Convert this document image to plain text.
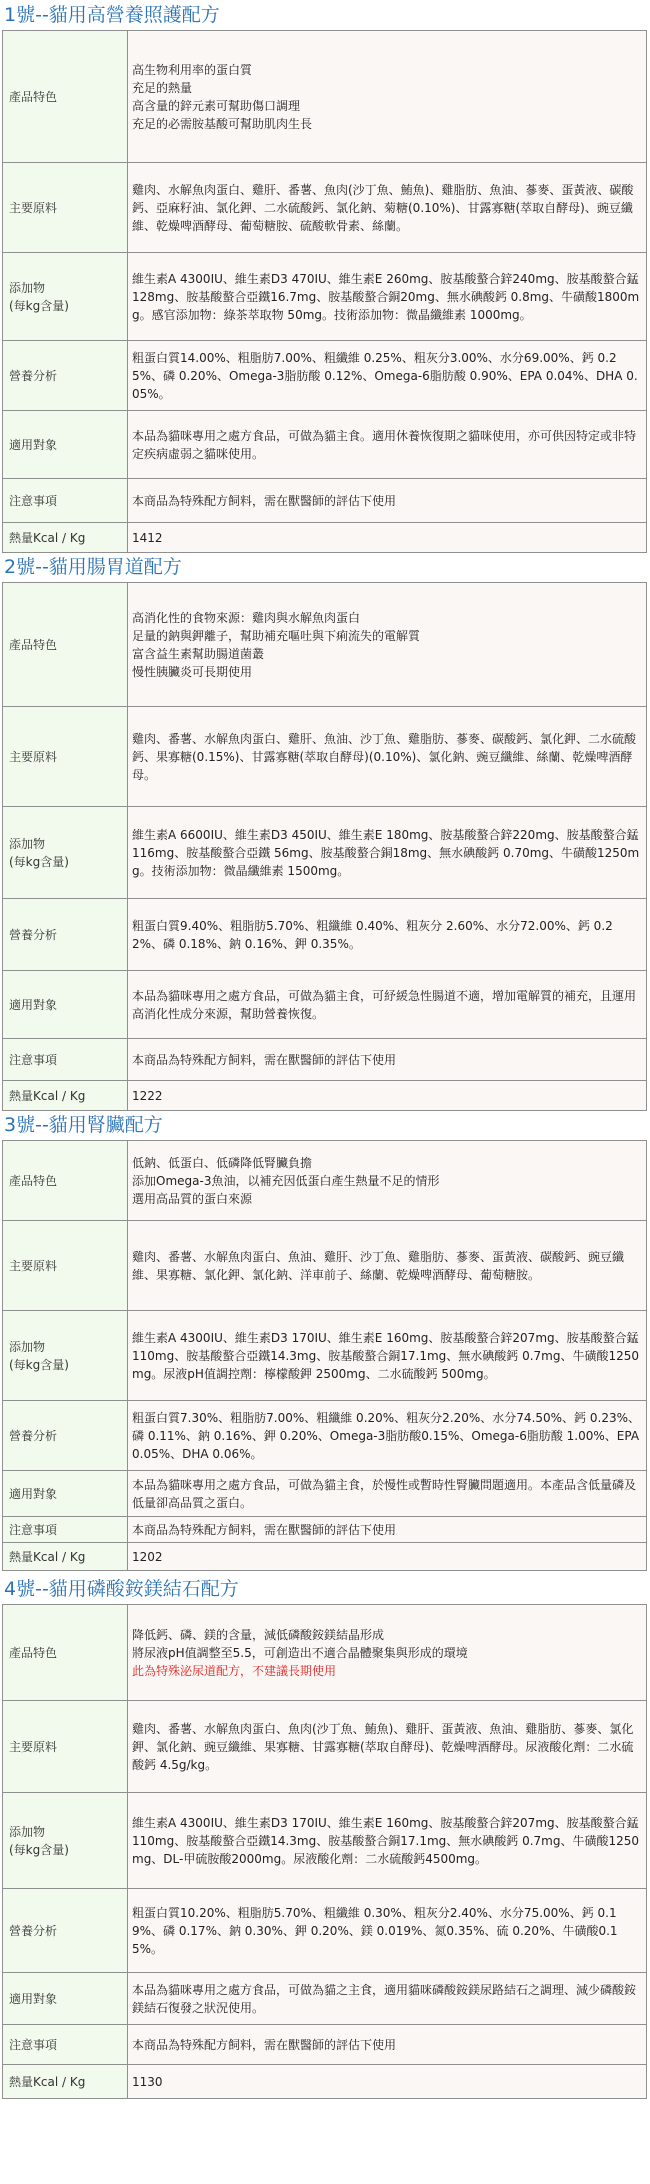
1號--貓用高營養照護配方
產品特色	高生物利用率的蛋白質
充足的熱量
高含量的鋅元素可幫助傷口調理
充足的必需胺基酸可幫助肌肉生長

主要原料	雞肉、水解魚肉蛋白、雞肝、番薯、魚肉(沙丁魚、鮪魚)、雞脂肪、魚油、蔘麥、蛋黃液、碳酸鈣、亞麻籽油、氯化鉀、二水硫酸鈣、氯化鈉、菊糖(0.10%)、甘露寡糖(萃取自酵母)、豌豆纖維、乾燥啤酒酵母、葡萄糖胺、硫酸軟骨素、絲蘭。

添加物
(每kg含量)	維生素A 4300IU、維生素D3 470IU、維生素E 260mg、胺基酸螯合鋅240mg、胺基酸螯合錳 128mg、胺基酸螯合亞鐵16.7mg、胺基酸螯合銅20mg、無水碘酸鈣 0.8mg、牛磺酸1800mg。感官添加物：綠茶萃取物 50mg。技術添加物：微晶纖維素 1000mg。
營養分析	粗蛋白質14.00%、粗脂肪7.00%、粗纖維 0.25%、粗灰分3.00%、水分69.00%、鈣 0.25%、磷 0.20%、Omega-3脂肪酸 0.12%、Omega-6脂肪酸 0.90%、EPA 0.04%、DHA 0.05%。
適用對象	本品為貓咪專用之處方食品，可做為貓主食。適用休養恢復期之貓咪使用，亦可供因特定或非特定疾病虛弱之貓咪使用。
注意事項	本商品為特殊配方飼料，需在獸醫師的評估下使用
熱量Kcal / Kg	1412
2號--貓用腸胃道配方
產品特色	高消化性的食物來源：雞肉與水解魚肉蛋白
足量的鈉與鉀離子，幫助補充嘔吐與下痢流失的電解質
富含益生素幫助腸道菌叢
慢性胰臟炎可長期使用

主要原料	雞肉、番薯、水解魚肉蛋白、雞肝、魚油、沙丁魚、雞脂肪、蔘麥、碳酸鈣、氯化鉀、二水硫酸鈣、果寡糖(0.15%)、甘露寡糖(萃取自酵母)(0.10%)、氯化鈉、豌豆纖維、絲蘭、乾燥啤酒酵母。

添加物
(每kg含量)	維生素A 6600IU、維生素D3 450IU、維生素E 180mg、胺基酸螯合鋅220mg、胺基酸螯合錳 116mg、胺基酸螯合亞鐵 56mg、胺基酸螯合銅18mg、無水碘酸鈣 0.70mg、牛磺酸1250mg。技術添加物：微晶纖維素 1500mg。
營養分析	粗蛋白質9.40%、粗脂肪5.70%、粗纖維 0.40%、粗灰分 2.60%、水分72.00%、鈣 0.22%、磷 0.18%、鈉 0.16%、鉀 0.35%。
適用對象	本品為貓咪專用之處方食品，可做為貓主食，可紓緩急性腸道不適，增加電解質的補充，且運用高消化性成分來源，幫助營養恢復。
注意事項	本商品為特殊配方飼料，需在獸醫師的評估下使用
熱量Kcal / Kg	1222
3號--貓用腎臟配方
產品特色	低鈉、低蛋白、低磷降低腎臟負擔
添加Omega-3魚油，以補充因低蛋白產生熱量不足的情形
選用高品質的蛋白來源

主要原料	雞肉、番薯、水解魚肉蛋白、魚油、雞肝、沙丁魚、雞脂肪、蔘麥、蛋黃液、碳酸鈣、豌豆纖維、果寡糖、氯化鉀、氯化鈉、洋車前子、絲蘭、乾燥啤酒酵母、葡萄糖胺。

添加物
(每kg含量)	維生素A 4300IU、維生素D3 170IU、維生素E 160mg、胺基酸螯合鋅207mg、胺基酸螯合錳 110mg、胺基酸螯合亞鐵14.3mg、胺基酸螯合銅17.1mg、無水碘酸鈣 0.7mg、牛磺酸1250mg。尿液pH值調控劑：檸檬酸鉀 2500mg、二水硫酸鈣 500mg。
營養分析	粗蛋白質7.30%、粗脂肪7.00%、粗纖維 0.20%、粗灰分2.20%、水分74.50%、鈣 0.23%、磷 0.11%、鈉 0.16%、鉀 0.20%、Omega-3脂肪酸0.15%、Omega-6脂肪酸 1.00%、EPA 0.05%、DHA 0.06%。
適用對象	本品為貓咪專用之處方食品，可做為貓主食，於慢性或暫時性腎臟問題適用。本產品含低量磷及低量卻高品質之蛋白。
注意事項	本商品為特殊配方飼料，需在獸醫師的評估下使用
熱量Kcal / Kg	1202
4號--貓用磷酸銨鎂結石配方
產品特色	降低鈣、磷、鎂的含量，減低磷酸銨鎂結晶形成
將尿液pH值調整至5.5，可創造出不適合晶體聚集與形成的環境
此為特殊泌尿道配方，不建議長期使用

主要原料	雞肉、番薯、水解魚肉蛋白、魚肉(沙丁魚、鮪魚)、雞肝、蛋黃液、魚油、雞脂肪、蔘麥、氯化鉀、氯化鈉、豌豆纖維、果寡糖、甘露寡糖(萃取自酵母)、乾燥啤酒酵母。尿液酸化劑：二水硫酸鈣 4.5g/kg。

添加物
(每kg含量)	維生素A 4300IU、維生素D3 170IU、維生素E 160mg、胺基酸螯合鋅207mg、胺基酸螯合錳 110mg、胺基酸螯合亞鐵14.3mg、胺基酸螯合銅17.1mg、無水碘酸鈣 0.7mg、牛磺酸1250mg、DL-甲硫胺酸2000mg。尿液酸化劑：二水硫酸鈣4500mg。
營養分析	粗蛋白質10.20%、粗脂肪5.70%、粗纖維 0.30%、粗灰分2.40%、水分75.00%、鈣 0.19%、磷 0.17%、鈉 0.30%、鉀 0.20%、鎂 0.019%、氮0.35%、硫 0.20%、牛磺酸0.15%。
適用對象	本品為貓咪專用之處方食品，可做為貓之主食，適用貓咪磷酸銨鎂尿路結石之調理、減少磷酸銨鎂結石復發之狀況使用。
注意事項	本商品為特殊配方飼料，需在獸醫師的評估下使用
熱量Kcal / Kg	1130
